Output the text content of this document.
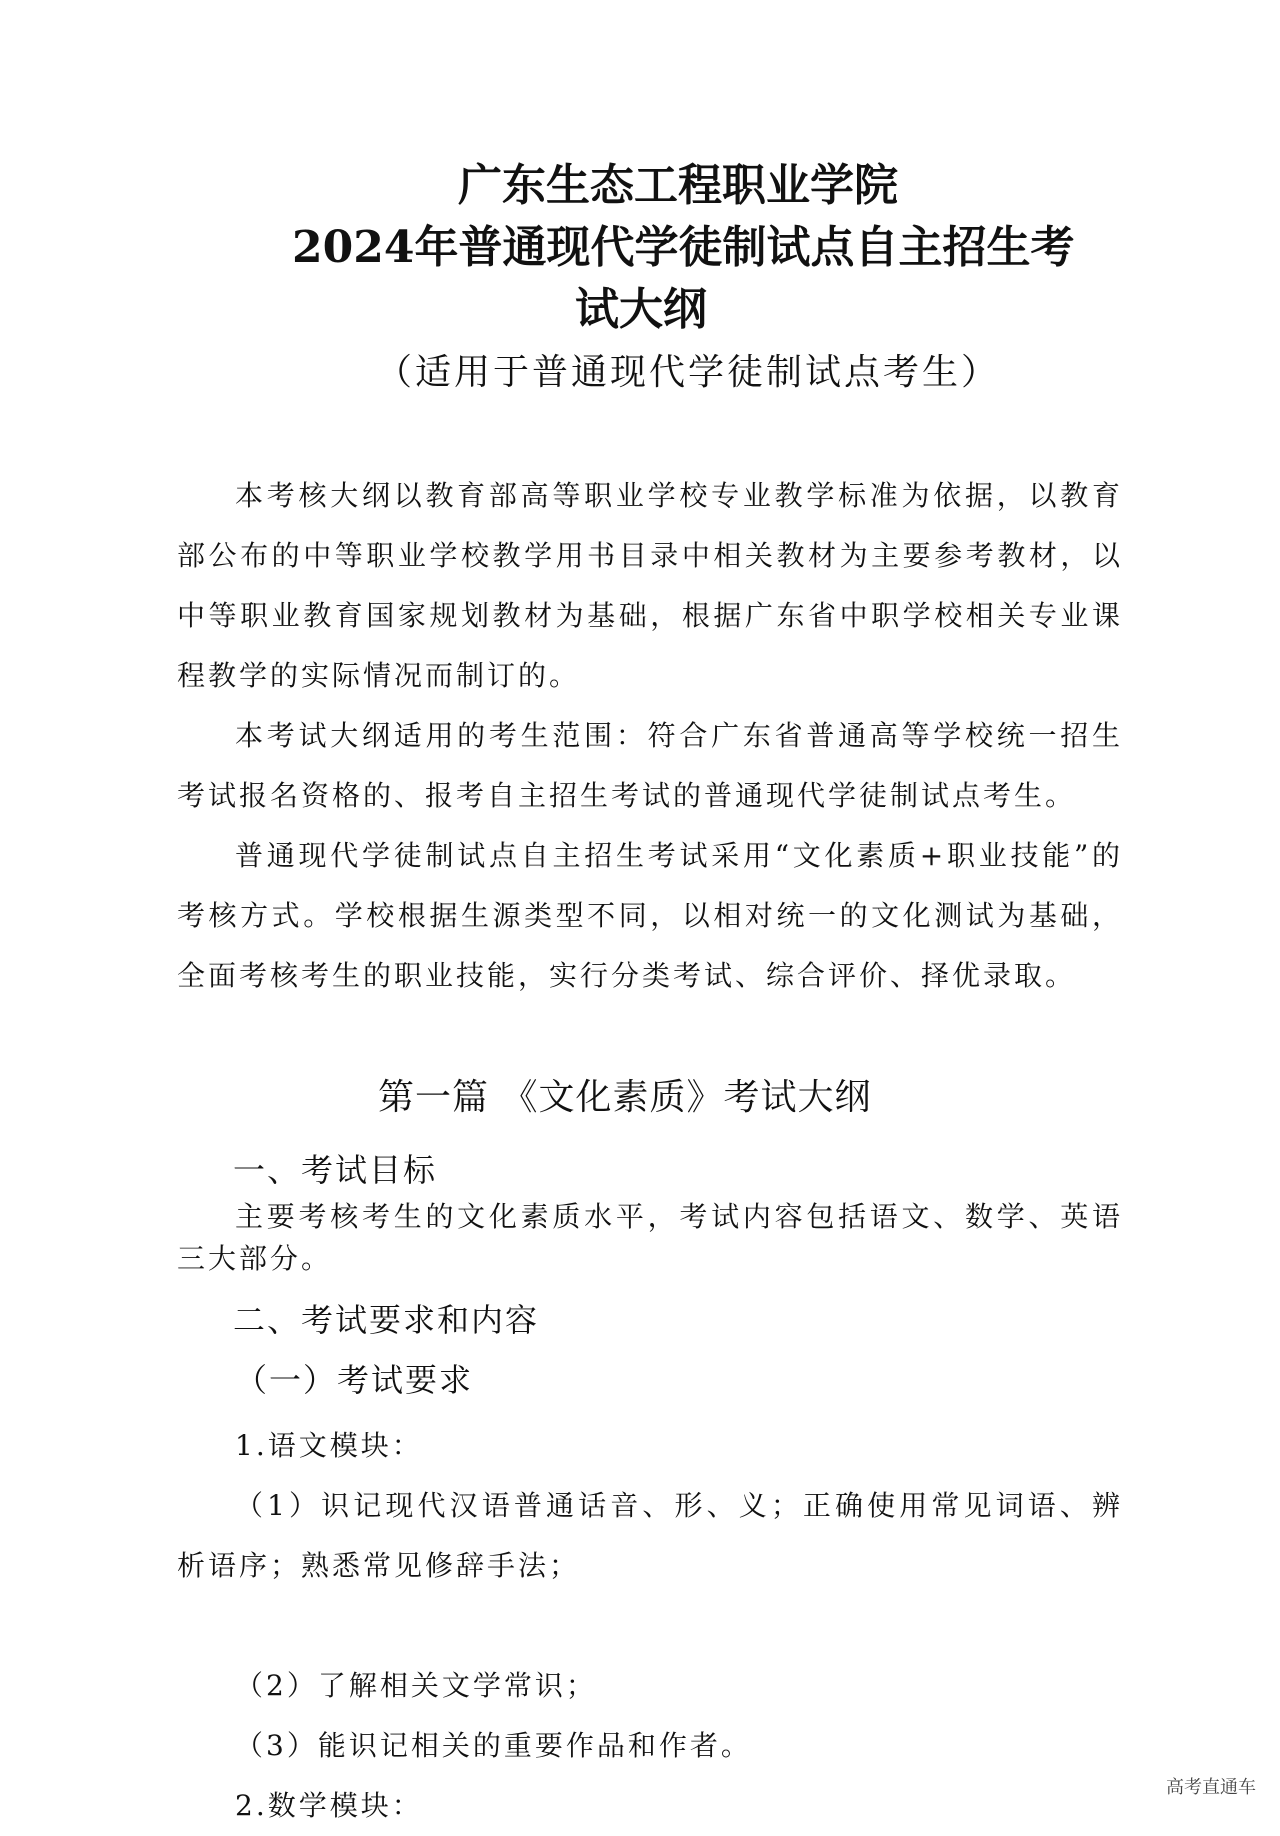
广东生态工程职业学院
2024年普通现代学徒制试点自主招生考
试大纲
（适用于普通现代学徒制试点考生）
本考核大纲以教育部高等职业学校专业教学标准为依据，以教育部公布的中等职业学校教学用书目录中相关教材为主要参考教材，以中等职业教育国家规划教材为基础，根据广东省中职学校相关专业课程教学的实际情况而制订的。
本考试大纲适用的考生范围：符合广东省普通高等学校统一招生考试报名资格的、报考自主招生考试的普通现代学徒制试点考生。
普通现代学徒制试点自主招生考试采用“文化素质+职业技能”的考核方式。学校根据生源类型不同，以相对统一的文化测试为基础，全面考核考生的职业技能，实行分类考试、综合评价、择优录取。
第一篇 《文化素质》考试大纲
一、考试目标
主要考核考生的文化素质水平，考试内容包括语文、数学、英语三大部分。
二、考试要求和内容
（一）考试要求
1.语文模块：
（1）识记现代汉语普通话音、形、义；正确使用常见词语、辨析语序；熟悉常见修辞手法；
（2）了解相关文学常识；
（3）能识记相关的重要作品和作者。
2.数学模块：
高考直通车
